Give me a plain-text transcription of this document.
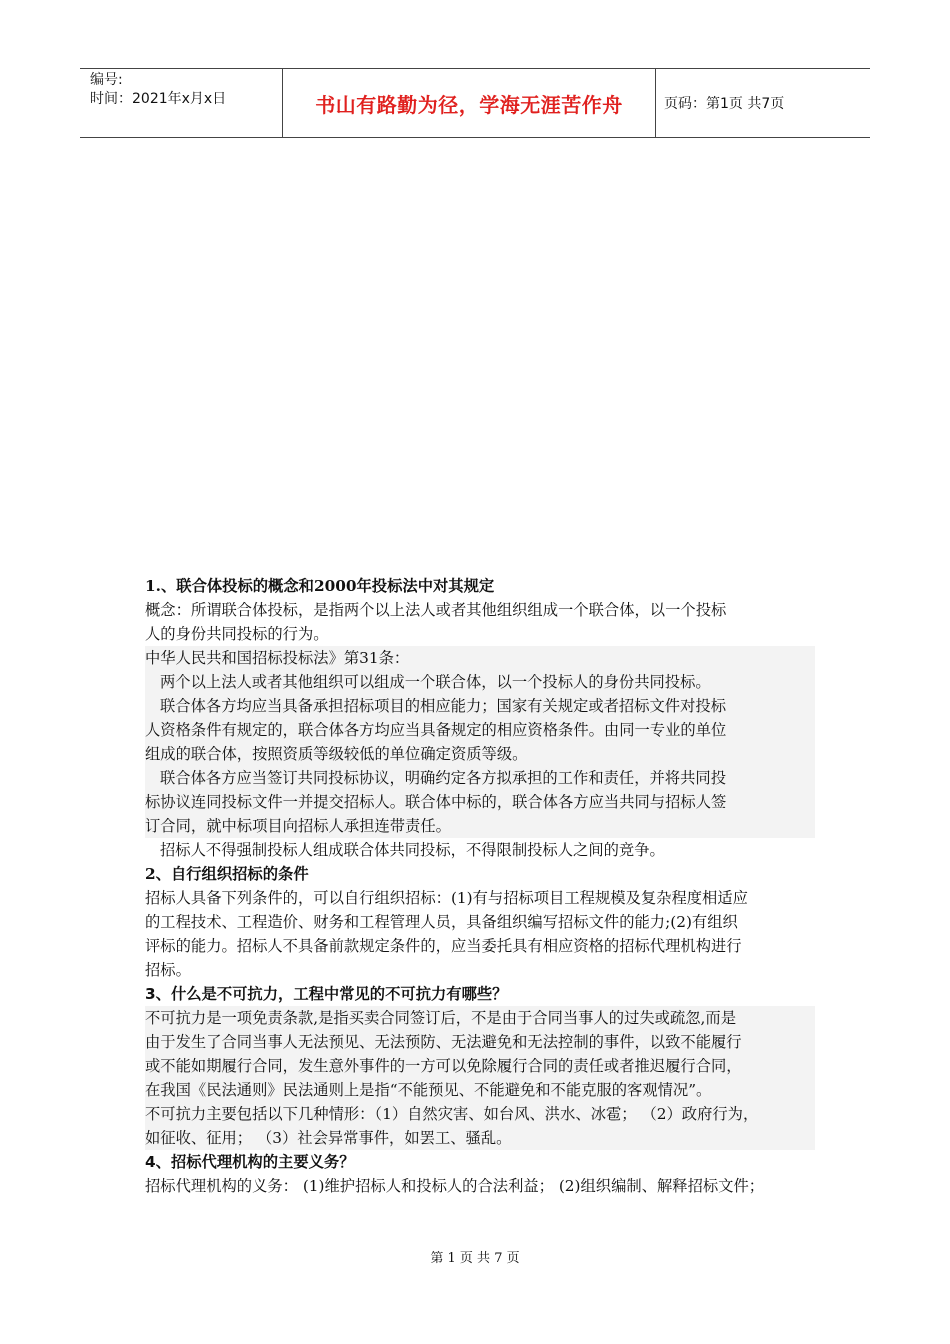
编号:
时间：2021年x月x日	书山有路勤为径，学海无涯苦作舟	页码：第1页 共7页
1.、联合体投标的概念和2000年投标法中对其规定
概念：所谓联合体投标，是指两个以上法人或者其他组织组成一个联合体，以一个投标
人的身份共同投标的行为。
中华人民共和国招标投标法》第31条：
两个以上法人或者其他组织可以组成一个联合体，以一个投标人的身份共同投标。
联合体各方均应当具备承担招标项目的相应能力；国家有关规定或者招标文件对投标
人资格条件有规定的，联合体各方均应当具备规定的相应资格条件。由同一专业的单位
组成的联合体，按照资质等级较低的单位确定资质等级。
联合体各方应当签订共同投标协议，明确约定各方拟承担的工作和责任，并将共同投
标协议连同投标文件一并提交招标人。联合体中标的，联合体各方应当共同与招标人签
订合同，就中标项目向招标人承担连带责任。
招标人不得强制投标人组成联合体共同投标，不得限制投标人之间的竞争。
2、自行组织招标的条件
招标人具备下列条件的，可以自行组织招标：(1)有与招标项目工程规模及复杂程度相适应
的工程技术、工程造价、财务和工程管理人员，具备组织编写招标文件的能力;(2)有组织
评标的能力。招标人不具备前款规定条件的，应当委托具有相应资格的招标代理机构进行
招标。
3、什么是不可抗力，工程中常见的不可抗力有哪些？
不可抗力是一项免责条款,是指买卖合同签订后，不是由于合同当事人的过失或疏忽,而是
由于发生了合同当事人无法预见、无法预防、无法避免和无法控制的事件，以致不能履行
或不能如期履行合同，发生意外事件的一方可以免除履行合同的责任或者推迟履行合同，
在我国《民法通则》民法通则上是指“不能预见、不能避免和不能克服的客观情况”。
不可抗力主要包括以下几种情形：（1）自然灾害、如台风、洪水、冰雹； （2）政府行为，
如征收、征用； （3）社会异常事件，如罢工、骚乱。
4、招标代理机构的主要义务？
招标代理机构的义务： (1)维护招标人和投标人的合法利益； (2)组织编制、解释招标文件；
第 1 页 共 7 页
